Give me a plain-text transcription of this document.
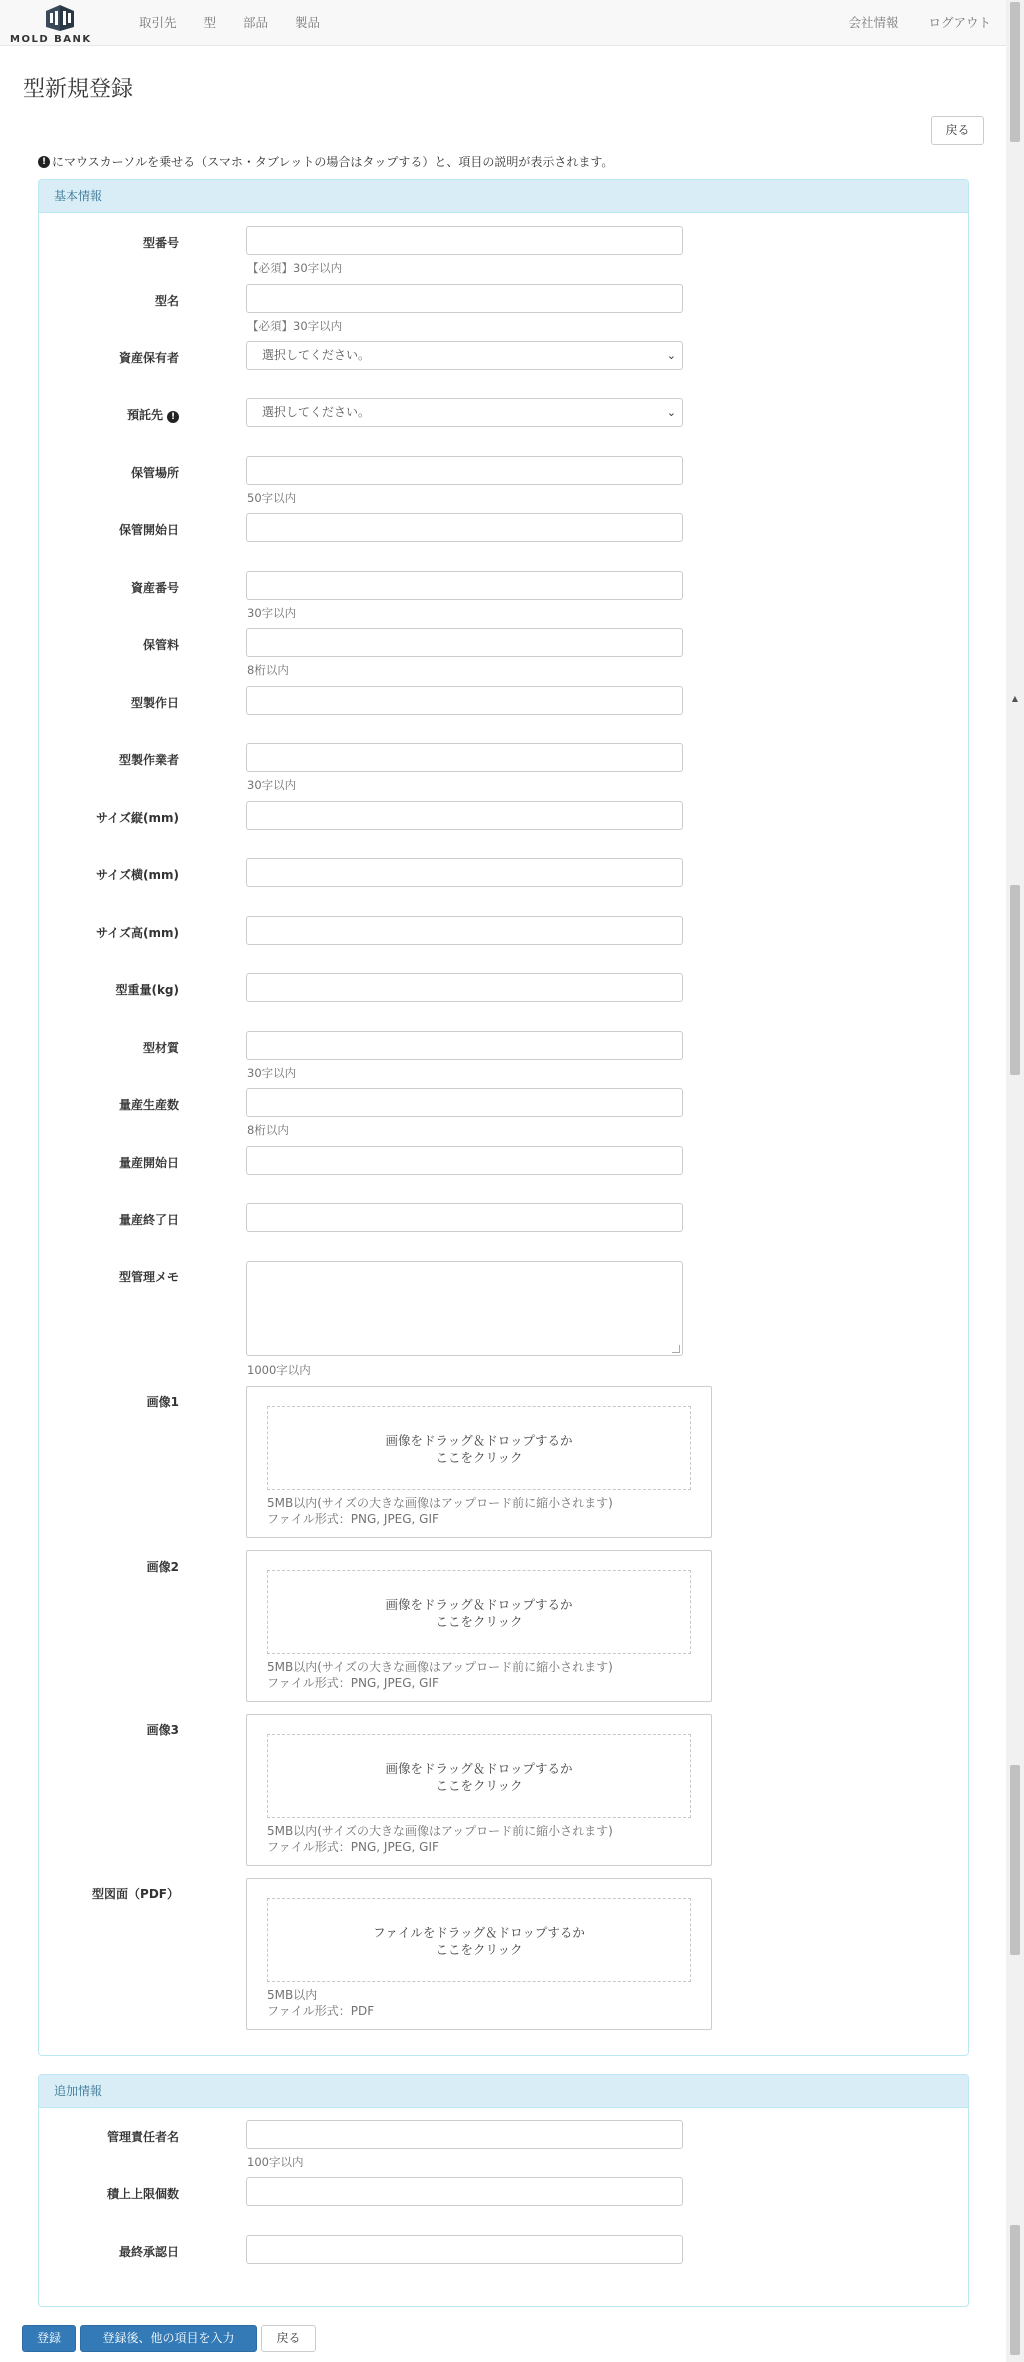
MOLD BANK
取引先 型 部品 製品	会社情報 ログアウト
▲
型新規登録
戻る
! にマウスカーソルを乗せる（スマホ・タブレットの場合はタップする）と、項目の説明が表示されます。
基本情報
型番号
【必須】30字以内
型名
【必須】30字以内
資産保有者	選択してください。	⌄
預託先 !	選択してください。	⌄
保管場所
50字以内
保管開始日
資産番号
30字以内
保管料
8桁以内
型製作日
型製作業者
30字以内
サイズ縦(mm)
サイズ横(mm)
サイズ高(mm)
型重量(kg)
型材質
30字以内
量産生産数
8桁以内
量産開始日
量産終了日
型管理メモ
1000字以内
画像1
画像をドラッグ＆ドロップするか
ここをクリック
5MB以内(サイズの大きな画像はアップロード前に縮小されます)
ファイル形式：PNG, JPEG, GIF
画像2
画像をドラッグ＆ドロップするか
ここをクリック
5MB以内(サイズの大きな画像はアップロード前に縮小されます)
ファイル形式：PNG, JPEG, GIF
画像3
画像をドラッグ＆ドロップするか
ここをクリック
5MB以内(サイズの大きな画像はアップロード前に縮小されます)
ファイル形式：PNG, JPEG, GIF
型図面（PDF）
ファイルをドラッグ＆ドロップするか
ここをクリック
5MB以内
ファイル形式：PDF
追加情報
管理責任者名
100字以内
積上上限個数
最終承認日
登録	登録後、他の項目を入力	戻る
